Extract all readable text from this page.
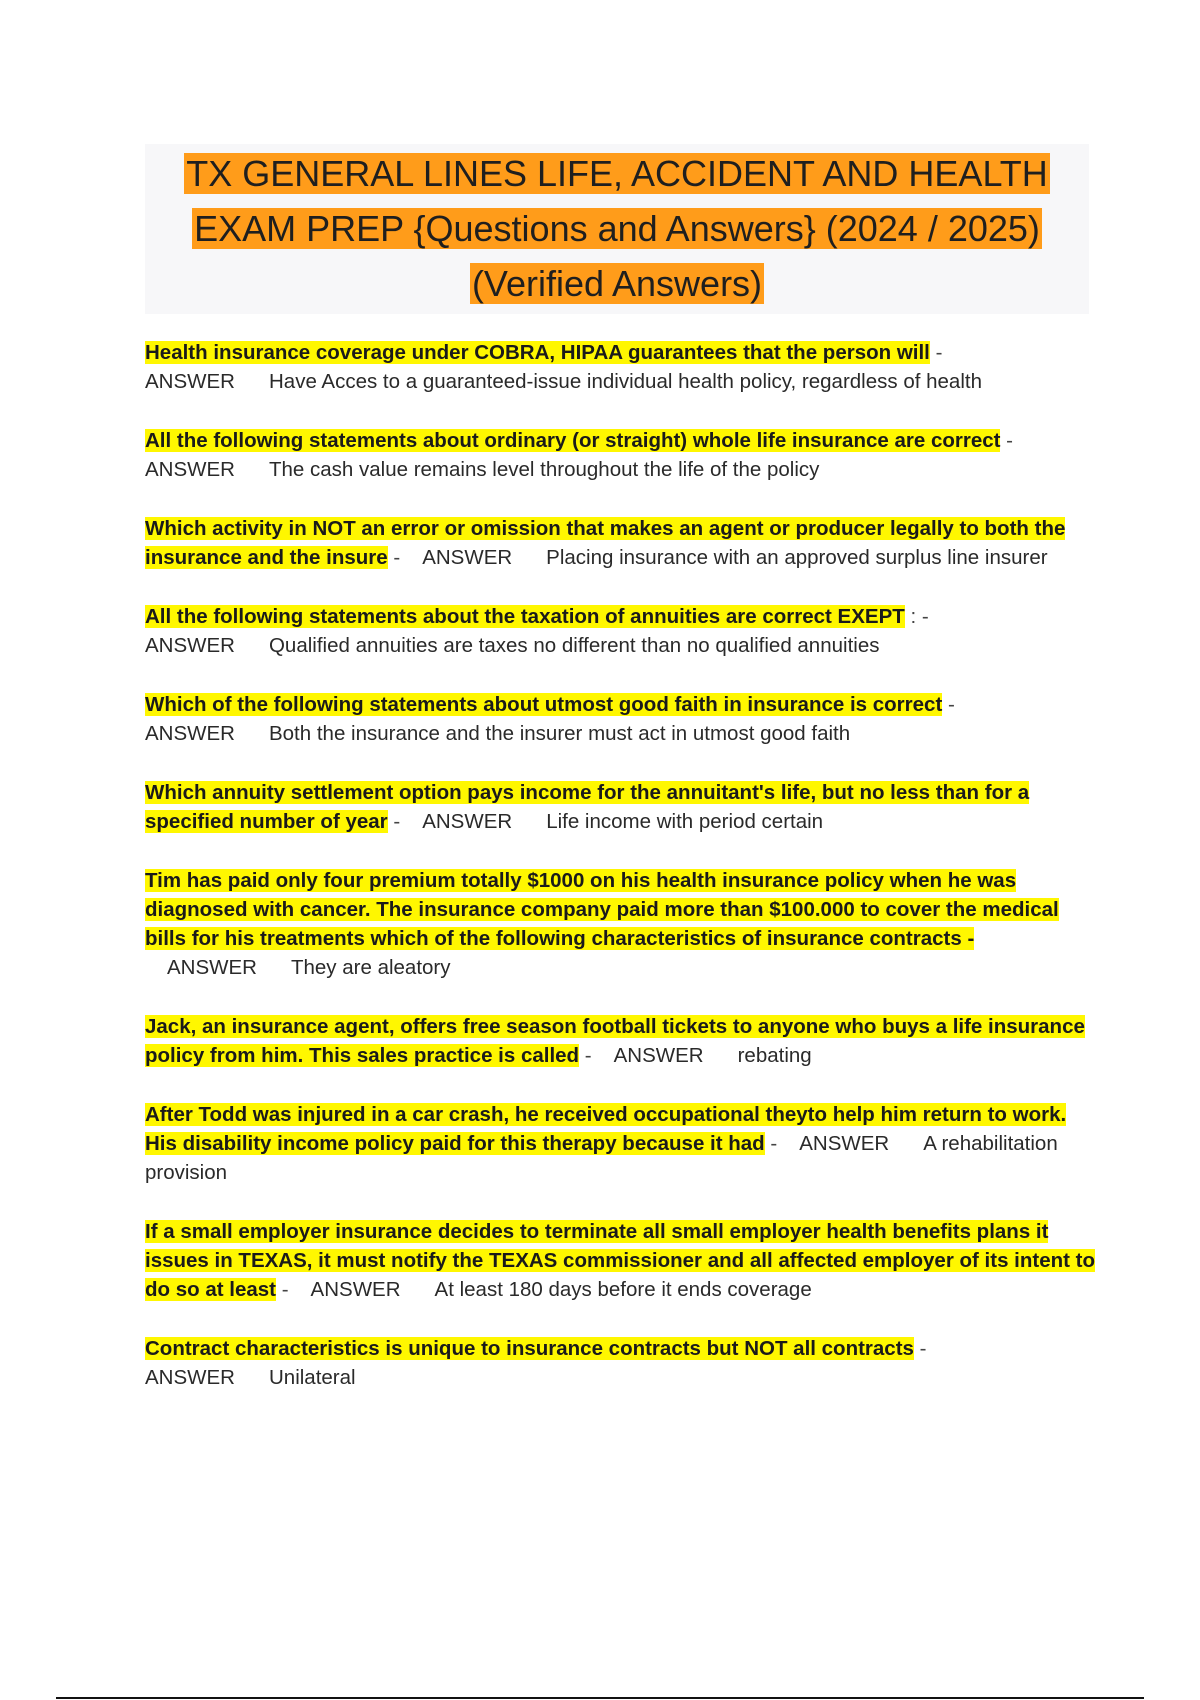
TX GENERAL LINES LIFE, ACCIDENT AND HEALTH
EXAM PREP {Questions and Answers} (2024 / 2025)
(Verified Answers)
Health insurance coverage under COBRA, HIPAA guarantees that the person will -
ANSWER Have Acces to a guaranteed-issue individual health policy, regardless of health
All the following statements about ordinary (or straight) whole life insurance are correct -
ANSWER The cash value remains level throughout the life of the policy
Which activity in NOT an error or omission that makes an agent or producer legally to both the insurance and the insure - ANSWER Placing insurance with an approved surplus line insurer
All the following statements about the taxation of annuities are correct EXEPT : -
ANSWER Qualified annuities are taxes no different than no qualified annuities
Which of the following statements about utmost good faith in insurance is correct -
ANSWER Both the insurance and the insurer must act in utmost good faith
Which annuity settlement option pays income for the annuitant's life, but no less than for a specified number of year - ANSWER Life income with period certain
Tim has paid only four premium totally $1000 on his health insurance policy when he was diagnosed with cancer. The insurance company paid more than $100.000 to cover the medical bills for his treatments which of the following characteristics of insurance contracts -ANSWER They are aleatory
Jack, an insurance agent, offers free season football tickets to anyone who buys a life insurance policy from him. This sales practice is called - ANSWER rebating
After Todd was injured in a car crash, he received occupational theyto help him return to work. His disability income policy paid for this therapy because it had - ANSWER A rehabilitation provision
If a small employer insurance decides to terminate all small employer health benefits plans it issues in TEXAS, it must notify the TEXAS commissioner and all affected employer of its intent to do so at least - ANSWER At least 180 days before it ends coverage
Contract characteristics is unique to insurance contracts but NOT all contracts -
ANSWER Unilateral
